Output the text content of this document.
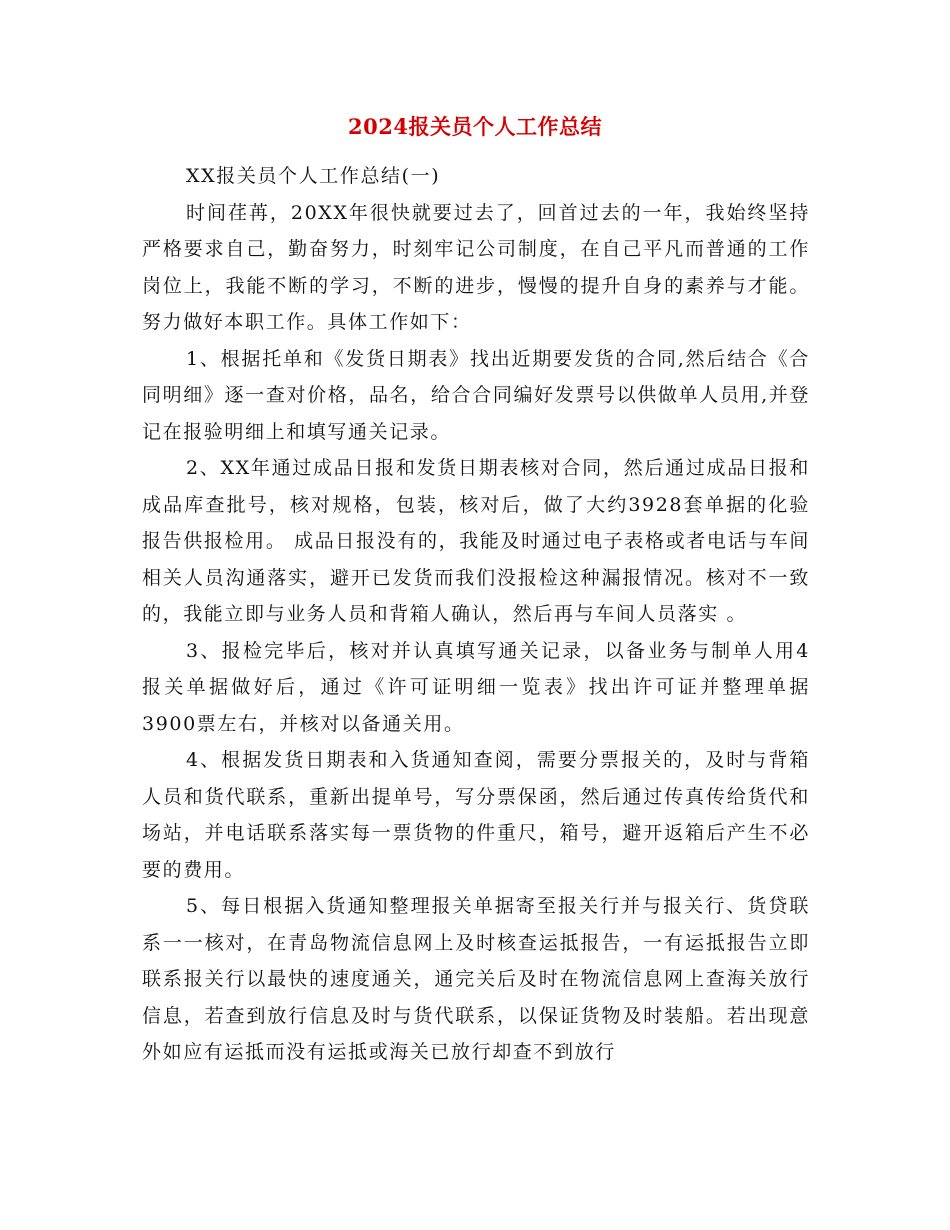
2024报关员个人工作总结

XX报关员个人工作总结(一)

时间荏苒，20XX年很快就要过去了，回首过去的一年，我始终坚持严格要求自己，勤奋努力，时刻牢记公司制度，在自己平凡而普通的工作岗位上，我能不断的学习，不断的进步，慢慢的提升自身的素养与才能。努力做好本职工作。具体工作如下：

1、根据托单和《发货日期表》找出近期要发货的合同,然后结合《合同明细》逐一查对价格，品名，给合合同编好发票号以供做单人员用,并登记在报验明细上和填写通关记录。

2、XX年通过成品日报和发货日期表核对合同，然后通过成品日报和成品库查批号，核对规格，包装，核对后，做了大约3928套单据的化验报告供报检用。 成品日报没有的，我能及时通过电子表格或者电话与车间相关人员沟通落实，避开已发货而我们没报检这种漏报情况。核对不一致的，我能立即与业务人员和背箱人确认，然后再与车间人员落实 。

3、报检完毕后，核对并认真填写通关记录，以备业务与制单人用4报关单据做好后，通过《许可证明细一览表》找出许可证并整理单据3900票左右，并核对以备通关用。

4、根据发货日期表和入货通知查阅，需要分票报关的，及时与背箱人员和货代联系，重新出提单号，写分票保函，然后通过传真传给货代和场站，并电话联系落实每一票货物的件重尺，箱号，避开返箱后产生不必要的费用。

5、每日根据入货通知整理报关单据寄至报关行并与报关行、货贷联系一一核对，在青岛物流信息网上及时核查运抵报告，一有运抵报告立即联系报关行以最快的速度通关，通完关后及时在物流信息网上查海关放行信息，若查到放行信息及时与货代联系，以保证货物及时装船。若出现意外如应有运抵而没有运抵或海关已放行却查不到放行
